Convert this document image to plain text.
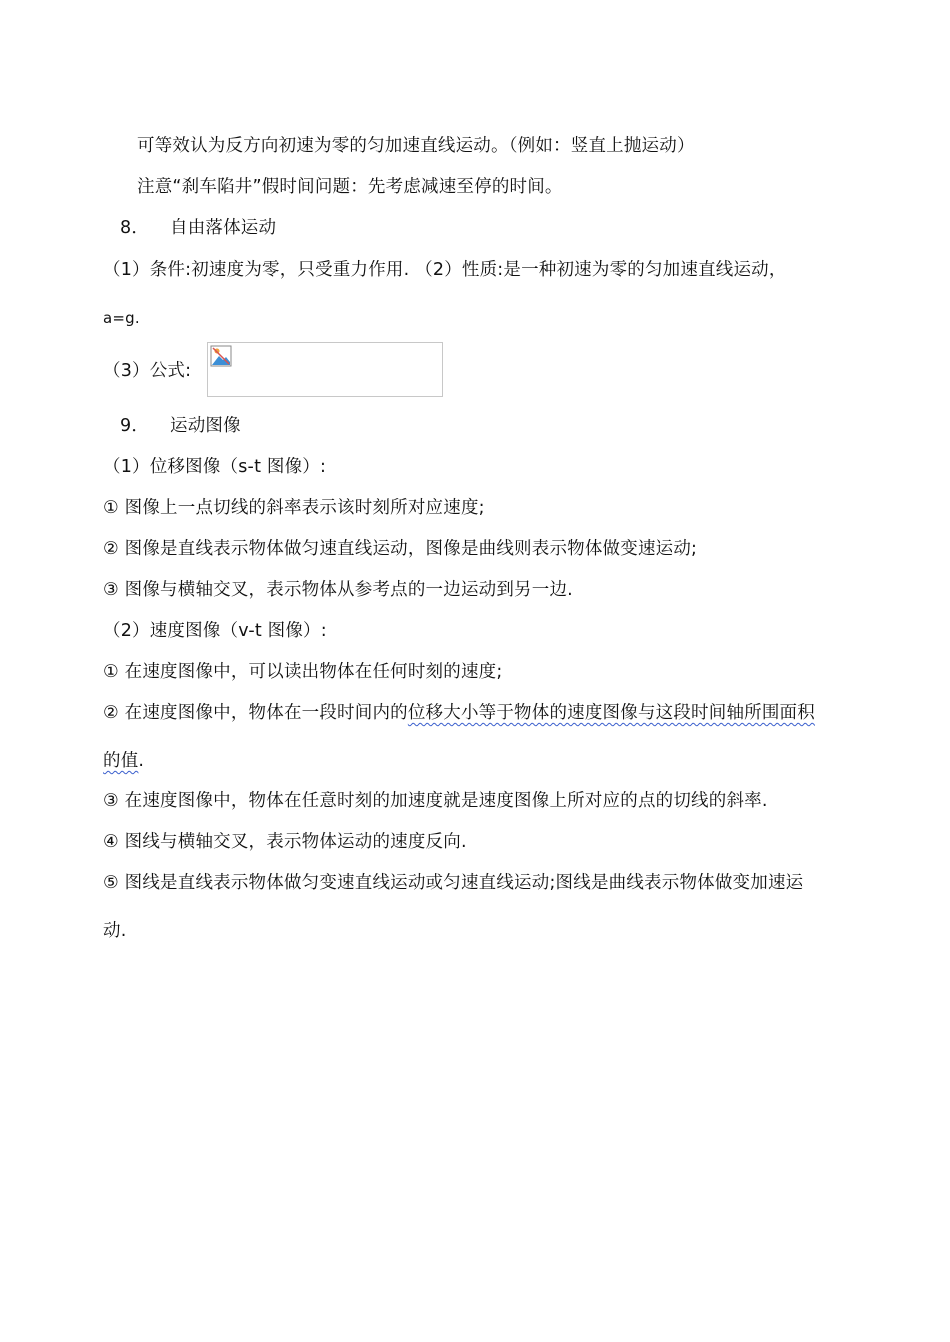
可等效认为反方向初速为零的匀加速直线运动。（例如：竖直上抛运动）
注意“刹车陷井”假时间问题：先考虑减速至停的时间。
8． 自由落体运动
（1）条件:初速度为零，只受重力作用. （2）性质:是一种初速为零的匀加速直线运动，
a=g.
（3）公式:
9． 运动图像
（1）位移图像（s-t 图像）:
① 图像上一点切线的斜率表示该时刻所对应速度;
② 图像是直线表示物体做匀速直线运动，图像是曲线则表示物体做变速运动;
③ 图像与横轴交叉，表示物体从参考点的一边运动到另一边.
（2）速度图像（v-t 图像）:
① 在速度图像中，可以读出物体在任何时刻的速度;
② 在速度图像中，物体在一段时间内的位移大小等于物体的速度图像与这段时间轴所围面积
的值.
③ 在速度图像中，物体在任意时刻的加速度就是速度图像上所对应的点的切线的斜率.
④ 图线与横轴交叉，表示物体运动的速度反向.
⑤ 图线是直线表示物体做匀变速直线运动或匀速直线运动;图线是曲线表示物体做变加速运
动.
